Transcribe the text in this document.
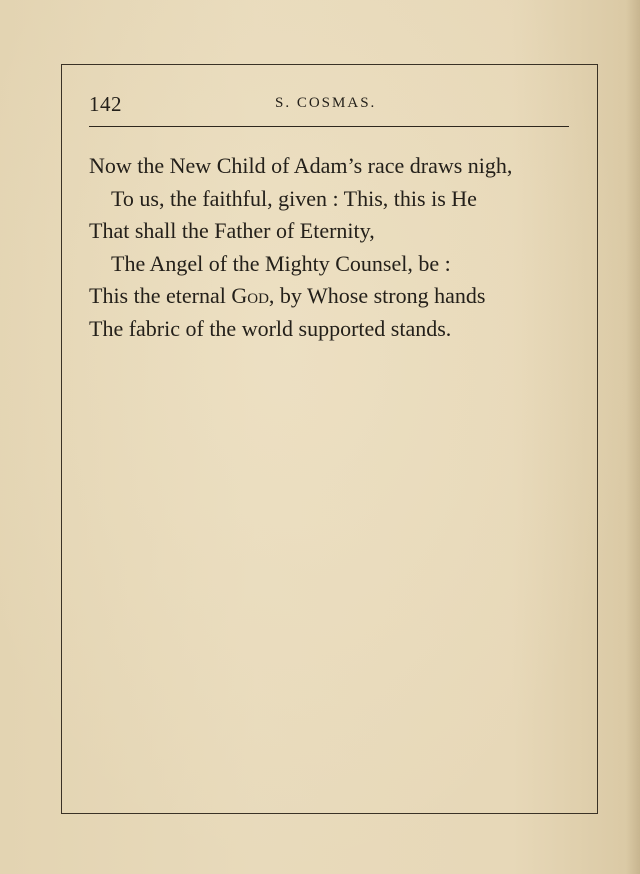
142	S. COSMAS.
Now the New Child of Adam’s race draws nigh,
To us, the faithful, given : This, this is He
That shall the Father of Eternity,
The Angel of the Mighty Counsel, be :
This the eternal God, by Whose strong hands
The fabric of the world supported stands.
